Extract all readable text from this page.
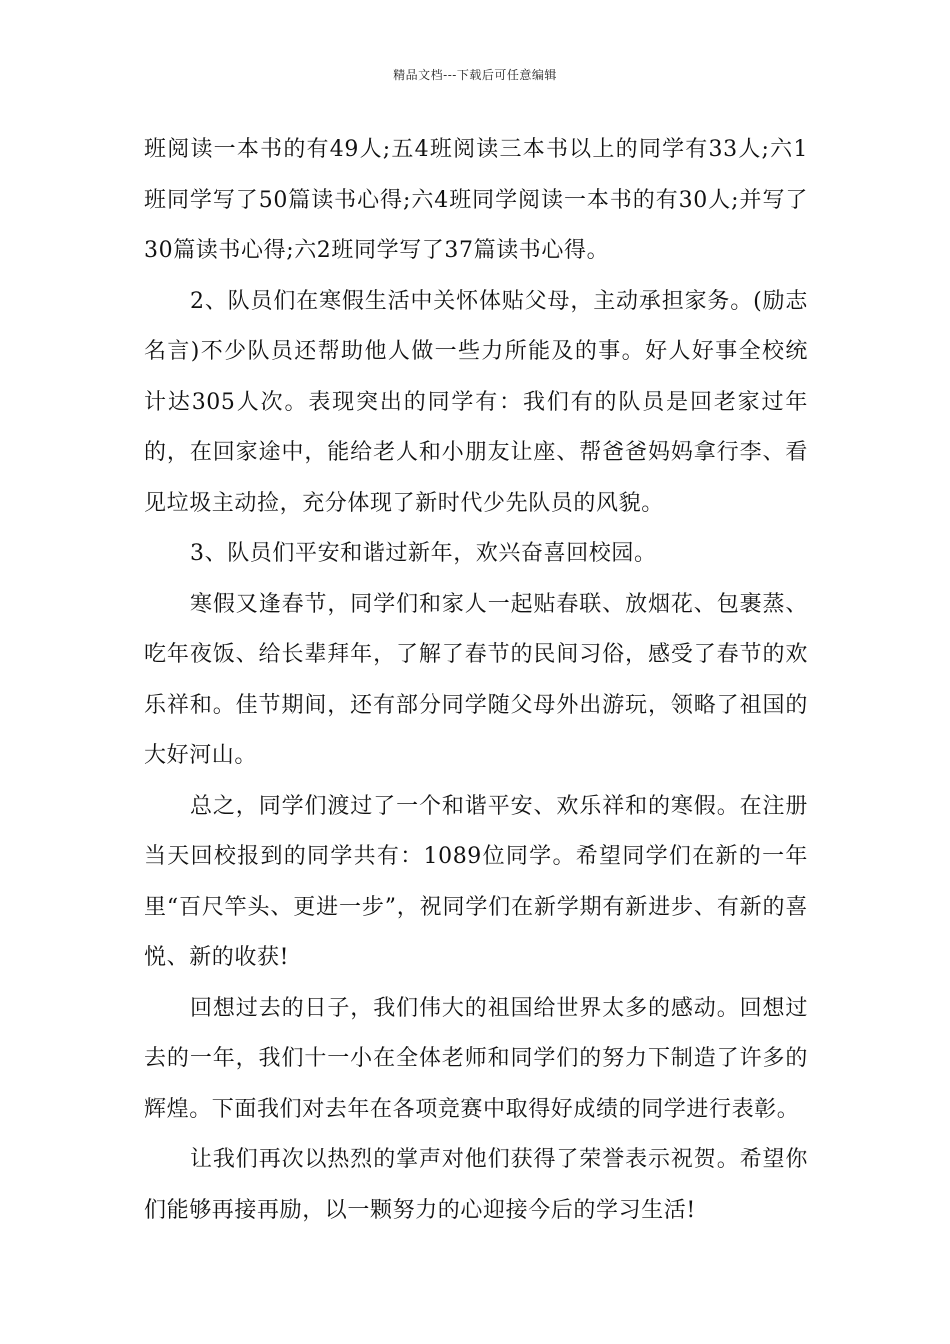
精品文档---下载后可任意编辑

班阅读一本书的有49人;五4班阅读三本书以上的同学有33人;六1班同学写了50篇读书心得;六4班同学阅读一本书的有30人;并写了30篇读书心得;六2班同学写了37篇读书心得。

2、队员们在寒假生活中关怀体贴父母，主动承担家务。(励志名言)不少队员还帮助他人做一些力所能及的事。好人好事全校统计达305人次。表现突出的同学有：我们有的队员是回老家过年的，在回家途中，能给老人和小朋友让座、帮爸爸妈妈拿行李、看见垃圾主动捡，充分体现了新时代少先队员的风貌。

3、队员们平安和谐过新年，欢兴奋喜回校园。

寒假又逢春节，同学们和家人一起贴春联、放烟花、包裹蒸、吃年夜饭、给长辈拜年，了解了春节的民间习俗，感受了春节的欢乐祥和。佳节期间，还有部分同学随父母外出游玩，领略了祖国的大好河山。

总之，同学们渡过了一个和谐平安、欢乐祥和的寒假。在注册当天回校报到的同学共有：1089位同学。希望同学们在新的一年里“百尺竿头、更进一步”，祝同学们在新学期有新进步、有新的喜悦、新的收获!

回想过去的日子，我们伟大的祖国给世界太多的感动。回想过去的一年，我们十一小在全体老师和同学们的努力下制造了许多的辉煌。下面我们对去年在各项竞赛中取得好成绩的同学进行表彰。

让我们再次以热烈的掌声对他们获得了荣誉表示祝贺。希望你们能够再接再励，以一颗努力的心迎接今后的学习生活!
